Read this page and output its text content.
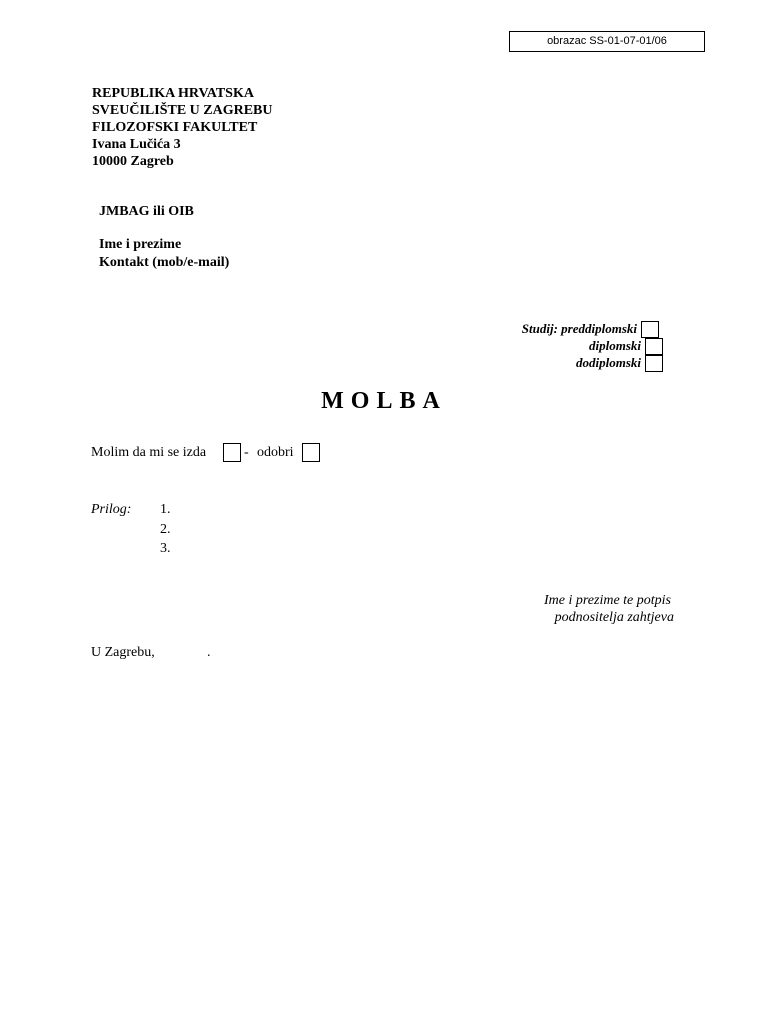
obrazac SS-01-07-01/06
REPUBLIKA HRVATSKA
SVEUČILIŠTE U ZAGREBU
FILOZOFSKI FAKULTET
Ivana Lučića 3
10000 Zagreb
JMBAG ili OIB
Ime i prezime
Kontakt (mob/e-mail)
Studij: preddiplomski
diplomski
dodiplomski
MOLBA
Molim da mi se izda	- odobri
Prilog: 1.
2.
3.
Ime i prezime te potpis
podnositelja zahtjeva
U Zagrebu,	.
